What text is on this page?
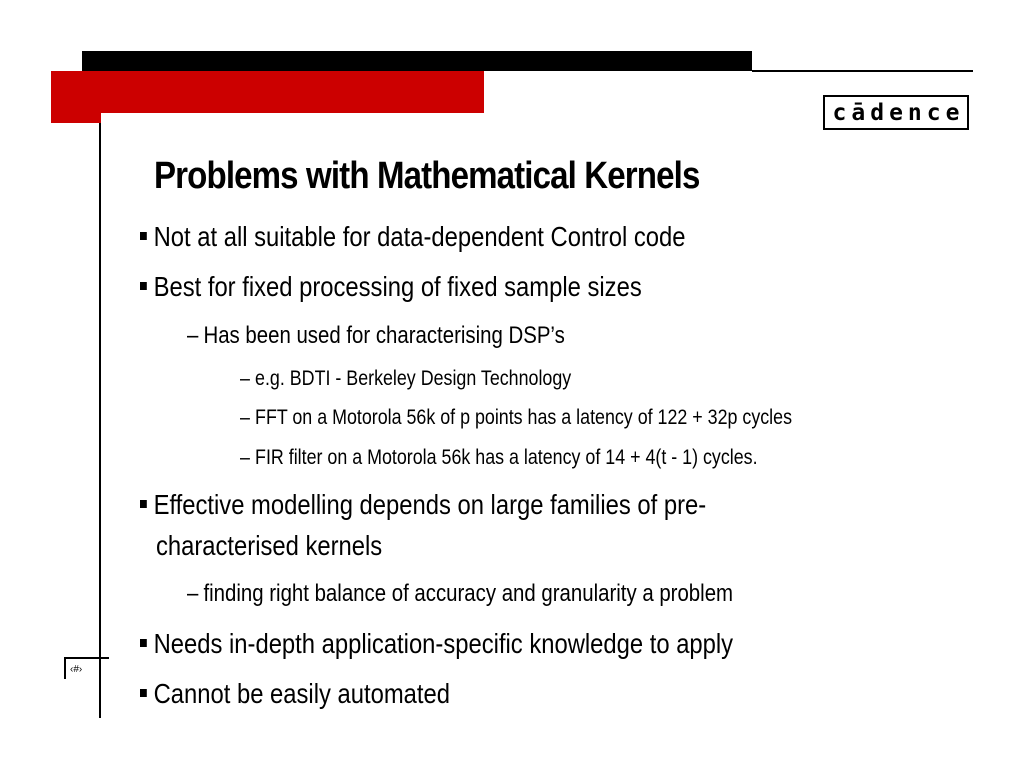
‹#›
cādence
Problems with Mathematical Kernels
Not at all suitable for data-dependent Control code
Best for fixed processing of fixed sample sizes
– Has been used for characterising DSP’s
– e.g. BDTI - Berkeley Design Technology
– FFT on a Motorola 56k of p points has a latency of 122 + 32p cycles
– FIR filter on a Motorola 56k has a latency of 14 + 4(t - 1) cycles.
Effective modelling depends on large families of pre-
characterised kernels
– finding right balance of accuracy and granularity a problem
Needs in-depth application-specific knowledge to apply
Cannot be easily automated
